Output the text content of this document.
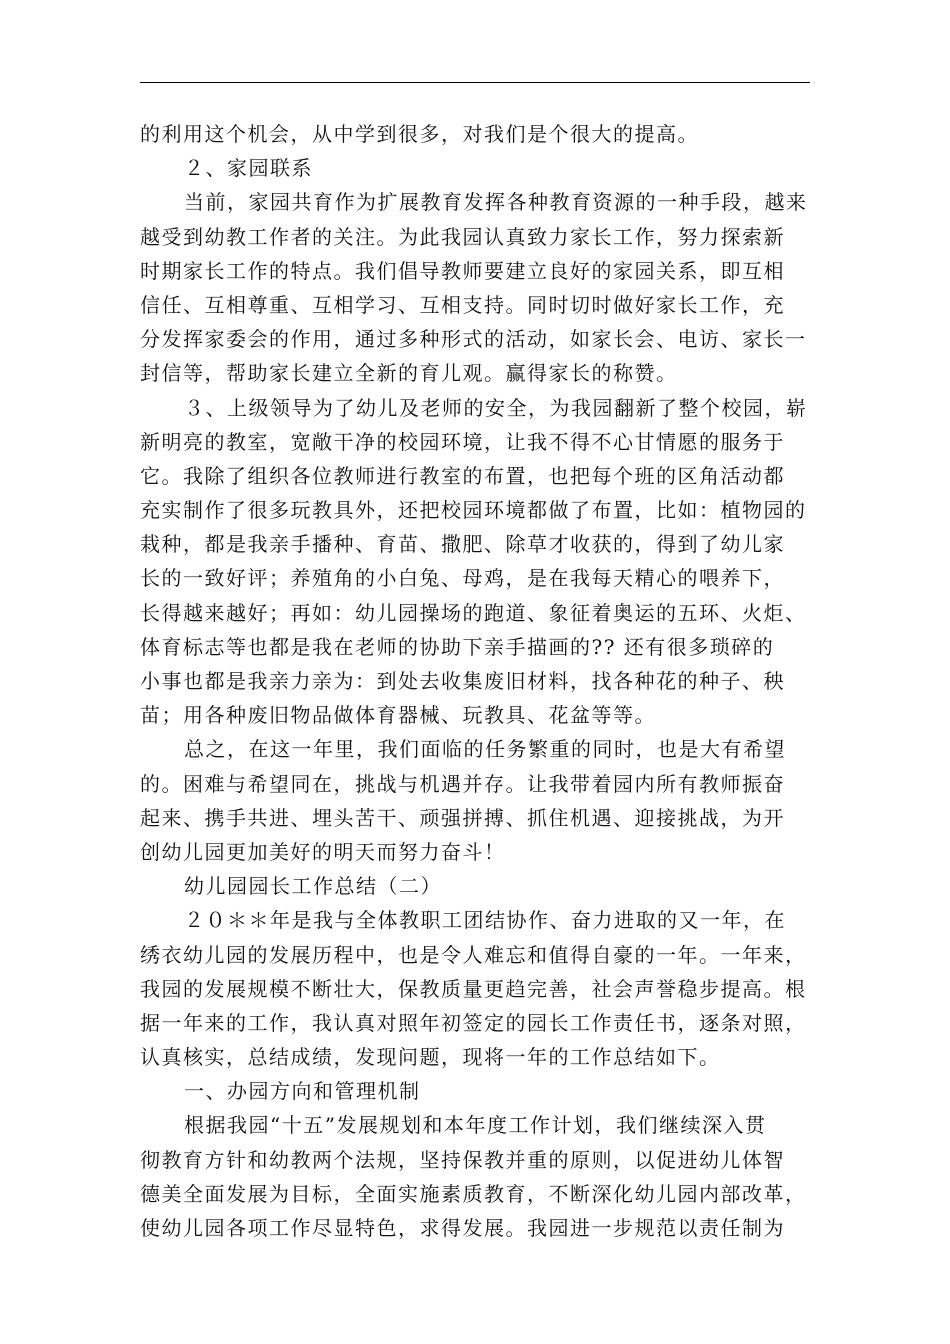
的利用这个机会，从中学到很多，对我们是个很大的提高。
２、家园联系
当前，家园共育作为扩展教育发挥各种教育资源的一种手段，越来
越受到幼教工作者的关注。为此我园认真致力家长工作，努力探索新
时期家长工作的特点。我们倡导教师要建立良好的家园关系，即互相
信任、互相尊重、互相学习、互相支持。同时切时做好家长工作，充
分发挥家委会的作用，通过多种形式的活动，如家长会、电访、家长一
封信等，帮助家长建立全新的育儿观。赢得家长的称赞。
３、上级领导为了幼儿及老师的安全，为我园翻新了整个校园，崭
新明亮的教室，宽敞干净的校园环境，让我不得不心甘情愿的服务于
它。我除了组织各位教师进行教室的布置，也把每个班的区角活动都
充实制作了很多玩教具外，还把校园环境都做了布置，比如：植物园的
栽种，都是我亲手播种、育苗、撒肥、除草才收获的，得到了幼儿家
长的一致好评；养殖角的小白兔、母鸡，是在我每天精心的喂养下，
长得越来越好；再如：幼儿园操场的跑道、象征着奥运的五环、火炬、
体育标志等也都是我在老师的协助下亲手描画的?? 还有很多琐碎的
小事也都是我亲力亲为：到处去收集废旧材料，找各种花的种子、秧
苗；用各种废旧物品做体育器械、玩教具、花盆等等。
总之，在这一年里，我们面临的任务繁重的同时，也是大有希望
的。困难与希望同在，挑战与机遇并存。让我带着园内所有教师振奋
起来、携手共进、埋头苦干、顽强拼搏、抓住机遇、迎接挑战，为开
创幼儿园更加美好的明天而努力奋斗！
幼儿园园长工作总结（二）
２０＊＊年是我与全体教职工团结协作、奋力进取的又一年，在
绣衣幼儿园的发展历程中，也是令人难忘和值得自豪的一年。一年来，
我园的发展规模不断壮大，保教质量更趋完善，社会声誉稳步提高。根
据一年来的工作，我认真对照年初签定的园长工作责任书，逐条对照，
认真核实，总结成绩，发现问题，现将一年的工作总结如下。
一、办园方向和管理机制
根据我园“十五”发展规划和本年度工作计划，我们继续深入贯
彻教育方针和幼教两个法规，坚持保教并重的原则，以促进幼儿体智
德美全面发展为目标，全面实施素质教育，不断深化幼儿园内部改革，
使幼儿园各项工作尽显特色，求得发展。我园进一步规范以责任制为
